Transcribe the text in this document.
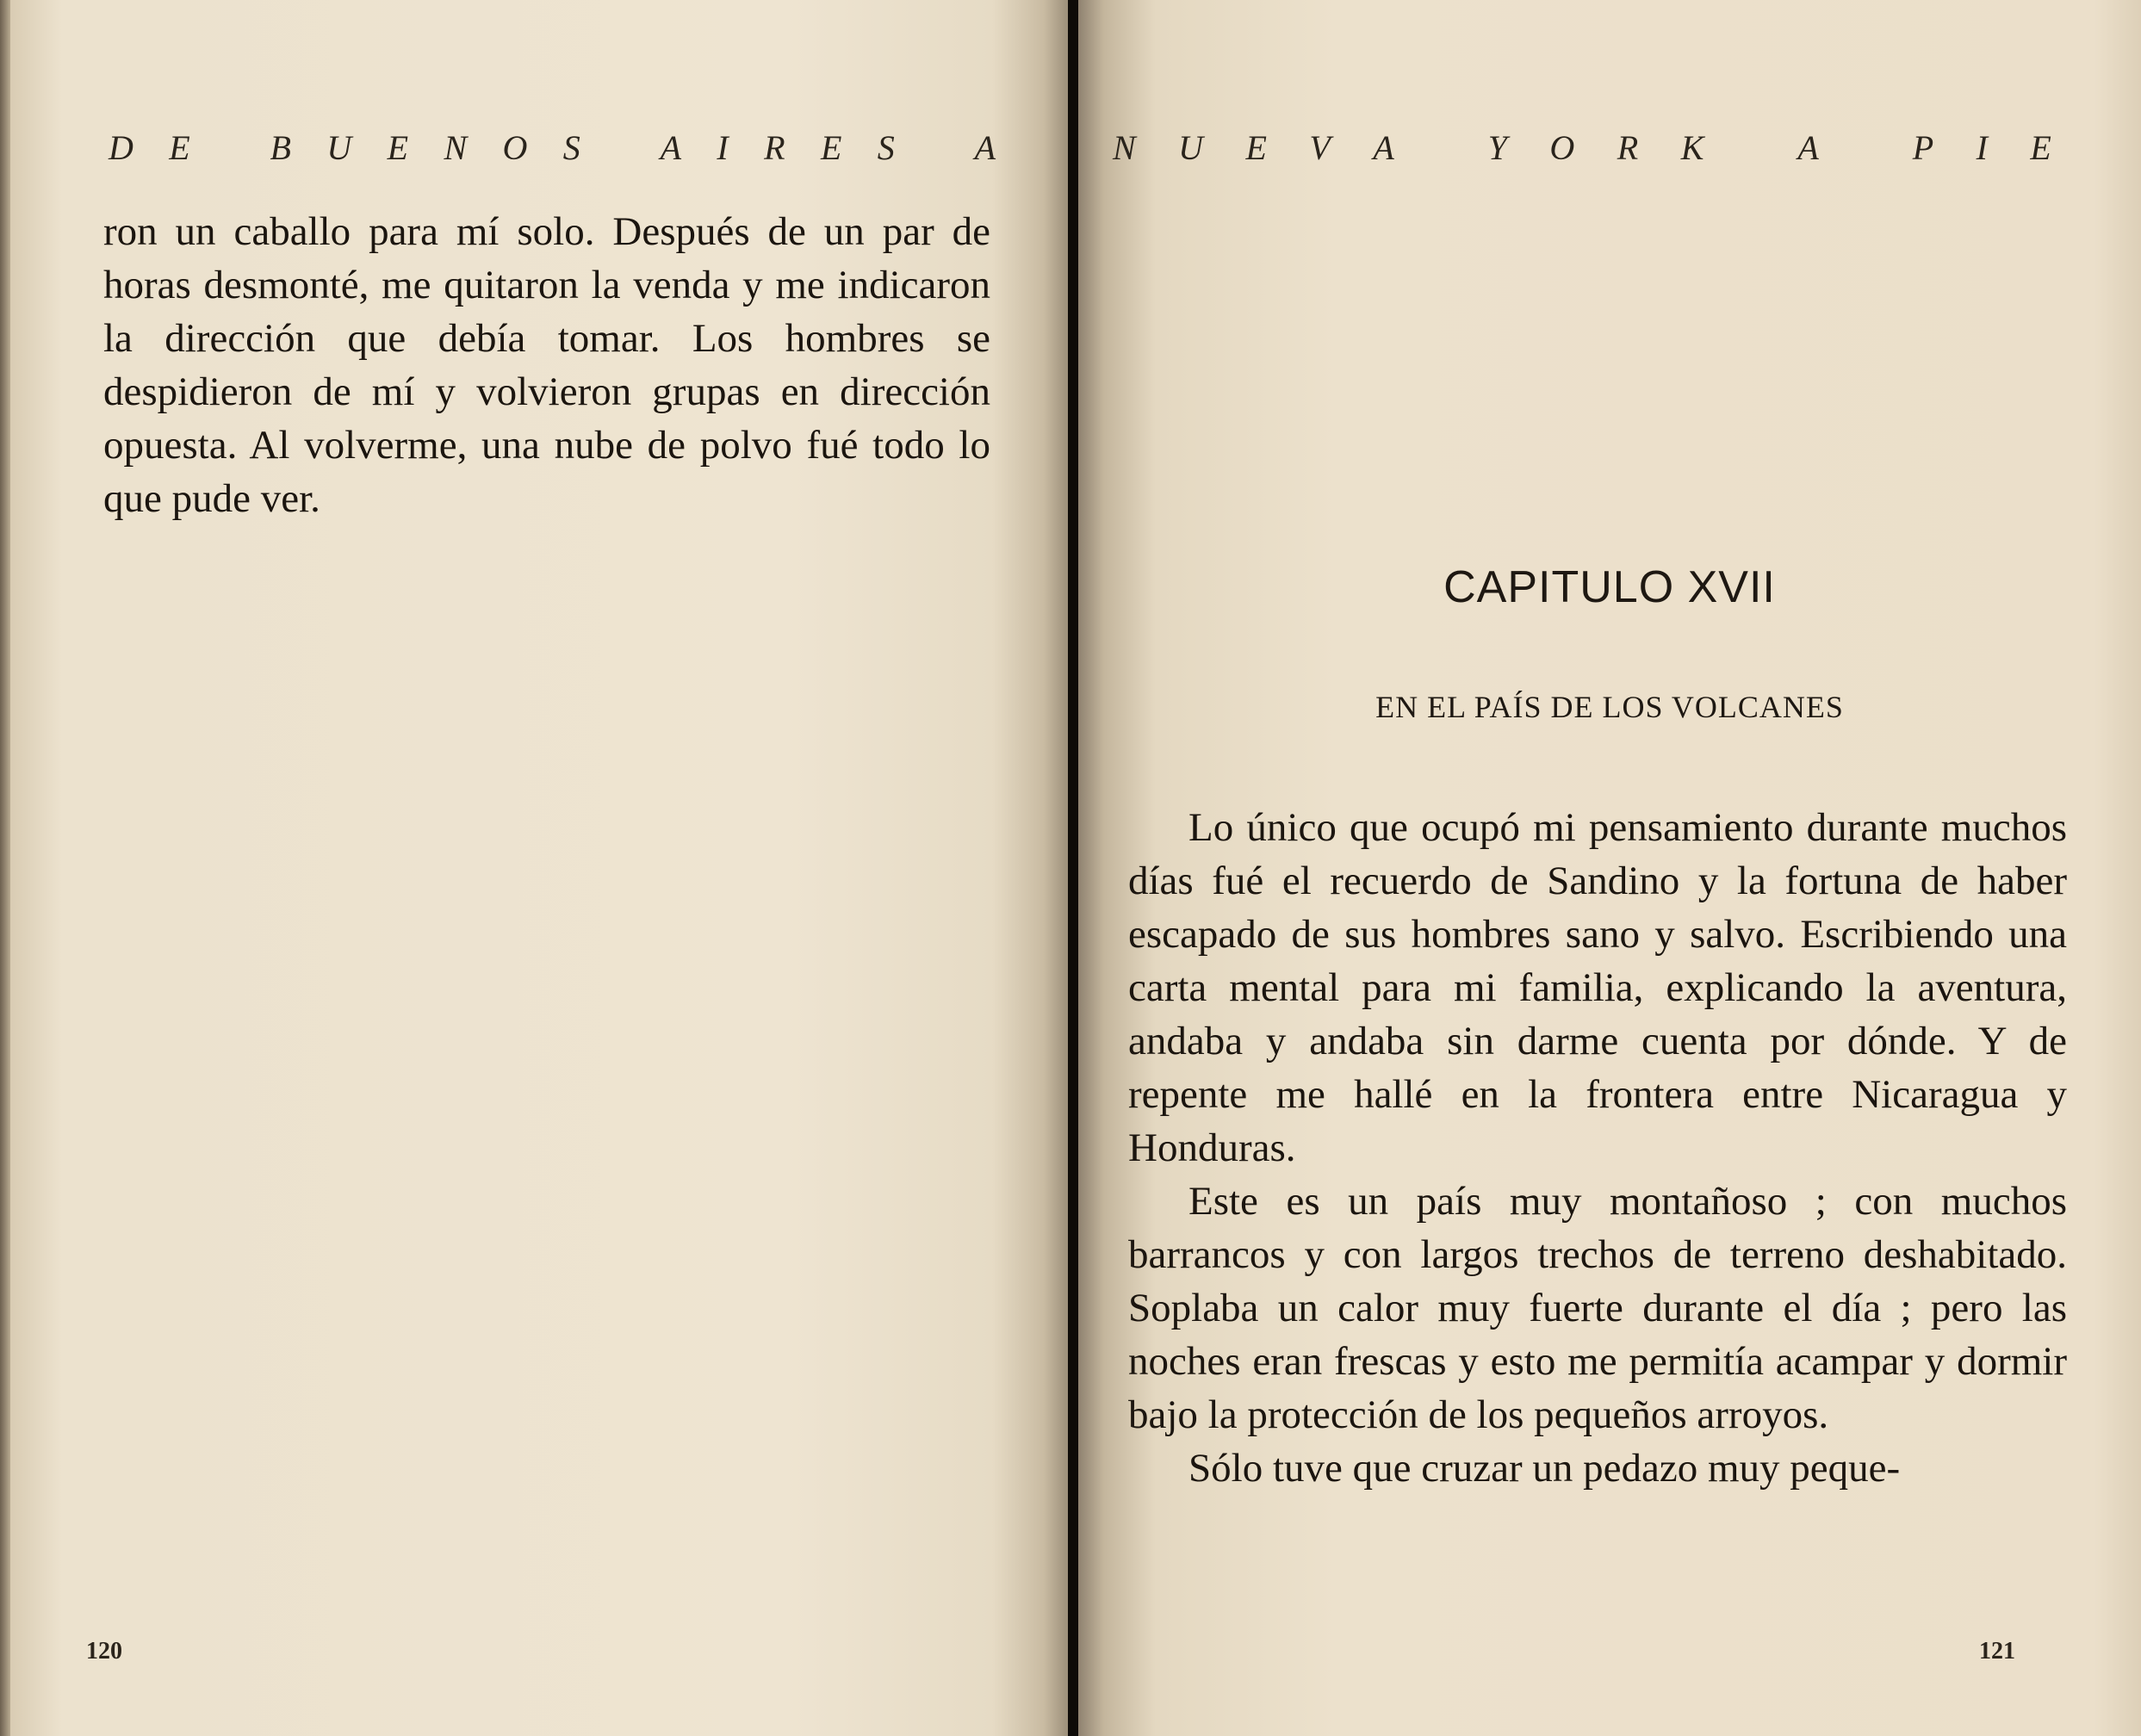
D E
B U E N O S
A I R E S
A

ron un caballo para mí solo. Después de un par de horas desmonté, me quitaron la venda y me indicaron la dirección que debía tomar. Los hombres se despidieron de mí y volvieron grupas en dirección opuesta. Al volverme, una nube de polvo fué todo lo que pude ver.

120
N U E V A
	Y O R K
	A
	P I E
CAPITULO XVII
EN EL PAÍS DE LOS VOLCANES

Lo único que ocupó mi pensamiento durante muchos días fué el recuerdo de Sandino y la fortuna de haber escapado de sus hombres sano y salvo. Escribiendo una carta mental para mi familia, explicando la aventura, andaba y andaba sin darme cuenta por dónde. Y de repente me hallé en la frontera entre Nicaragua y Honduras.

Este es un país muy montañoso ; con muchos barrancos y con largos trechos de terreno deshabitado. Soplaba un calor muy fuerte durante el día ; pero las noches eran frescas y esto me permitía acampar y dormir bajo la protección de los pequeños arroyos.

Sólo tuve que cruzar un pedazo muy peque-

121
